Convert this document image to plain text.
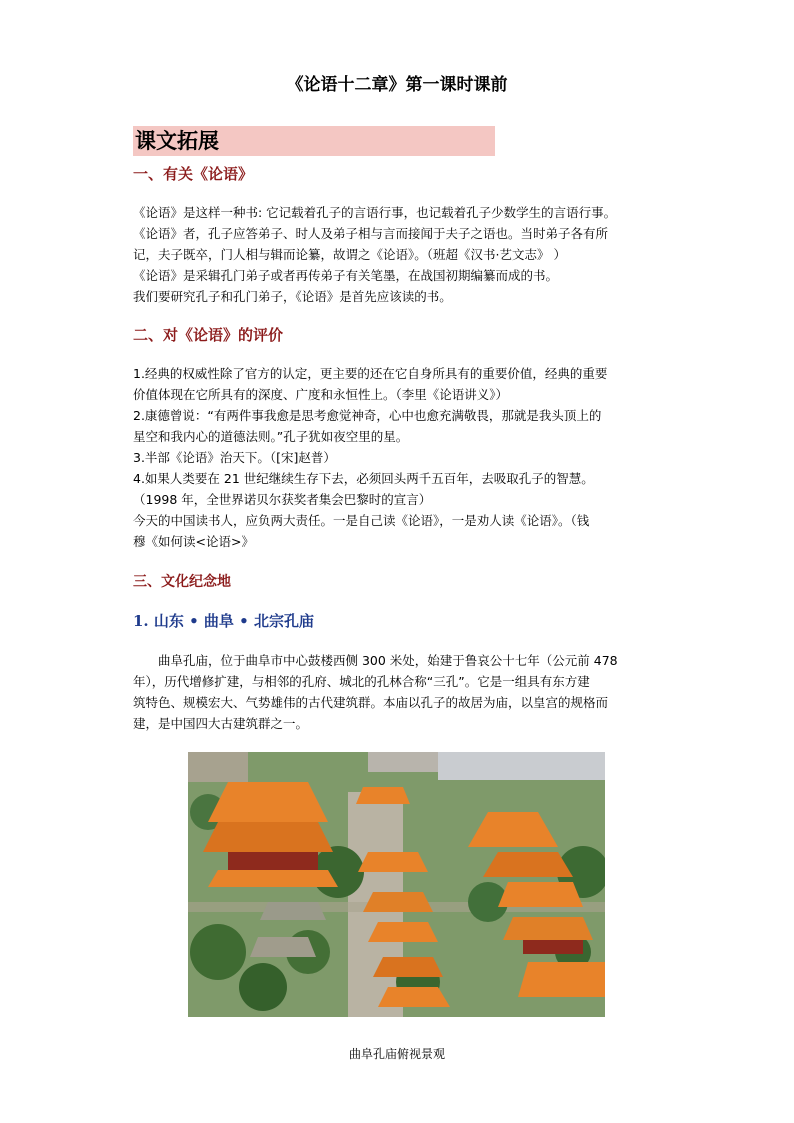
《论语十二章》第一课时课前
课文拓展
一、有关《论语》
《论语》是这样一种书: 它记载着孔子的言语行事，也记载着孔子少数学生的言语行事。
《论语》者，孔子应答弟子、时人及弟子相与言而接闻于夫子之语也。当时弟子各有所
记，夫子既卒，门人相与辑而论纂，故谓之《论语》。（班超《汉书·艺文志》 ）
《论语》是采辑孔门弟子或者再传弟子有关笔墨，在战国初期编纂而成的书。
我们要研究孔子和孔门弟子，《论语》是首先应该读的书。
二、对《论语》的评价
1.经典的权威性除了官方的认定，更主要的还在它自身所具有的重要价值，经典的重要
价值体现在它所具有的深度、广度和永恒性上。（李里《论语讲义》）
2.康德曾说：“有两件事我愈是思考愈觉神奇，心中也愈充满敬畏，那就是我头顶上的
星空和我内心的道德法则。”孔子犹如夜空里的星。
3.半部《论语》治天下。（[宋]赵普）
4.如果人类要在 21 世纪继续生存下去，必须回头两千五百年，去吸取孔子的智慧。
（1998 年，全世界诺贝尔获奖者集会巴黎时的宣言）
今天的中国读书人，应负两大责任。一是自己读《论语》，一是劝人读《论语》。（钱
穆《如何读<论语>》
三、文化纪念地
1. 山东 • 曲阜 • 北宗孔庙
　　曲阜孔庙，位于曲阜市中心鼓楼西侧 300 米处，始建于鲁哀公十七年（公元前 478
年），历代增修扩建，与相邻的孔府、城北的孔林合称“三孔”。它是一组具有东方建
筑特色、规模宏大、气势雄伟的古代建筑群。本庙以孔子的故居为庙，以皇宫的规格而
建，是中国四大古建筑群之一。
曲阜孔庙俯视景观
